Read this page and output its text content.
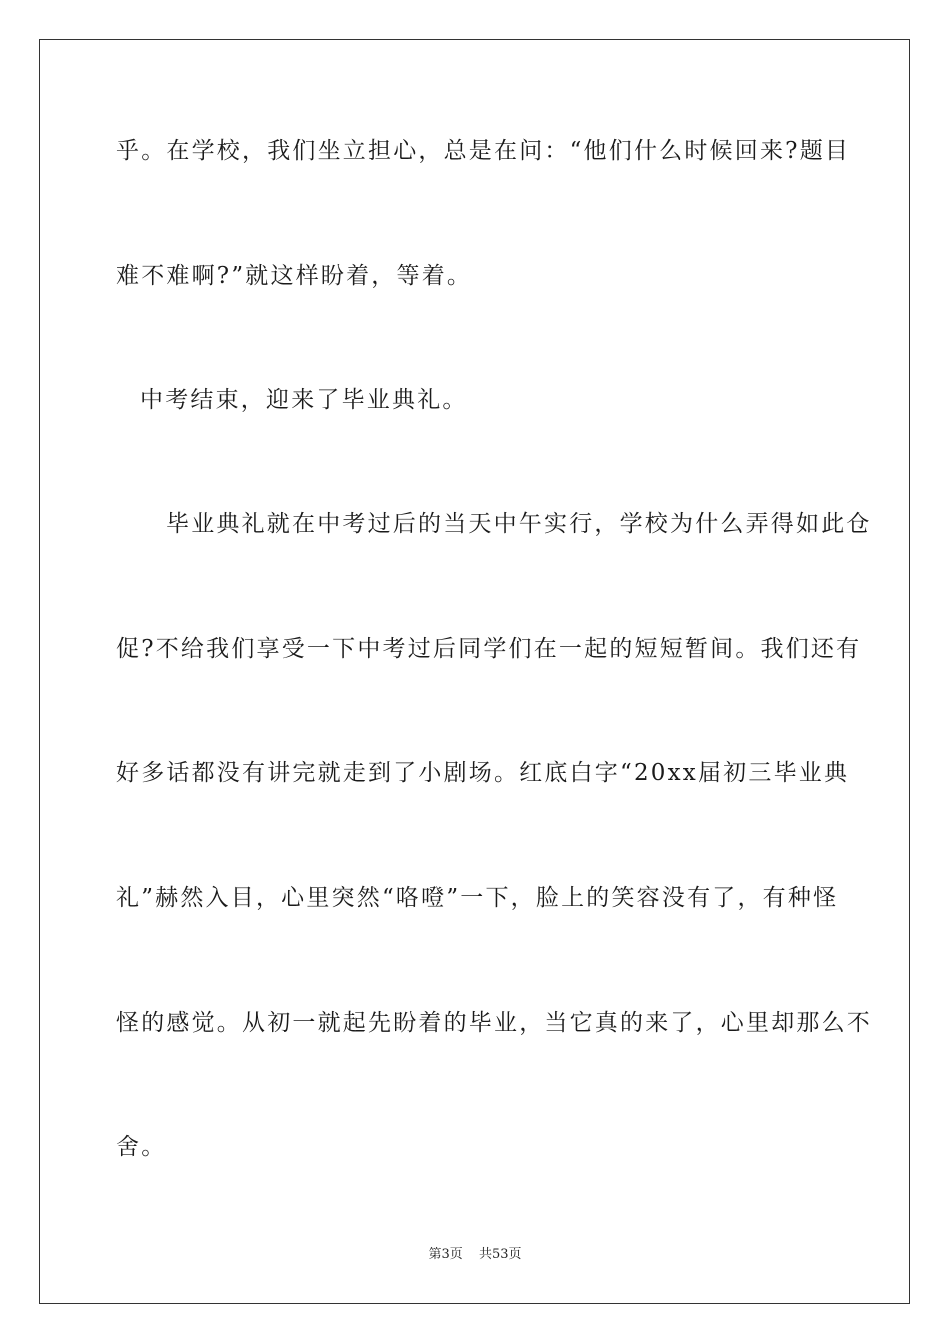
乎。在学校，我们坐立担心，总是在问：“他们什么时候回来?题目
难不难啊?”就这样盼着，等着。
中考结束，迎来了毕业典礼。
毕业典礼就在中考过后的当天中午实行，学校为什么弄得如此仓
促?不给我们享受一下中考过后同学们在一起的短短暂间。我们还有
好多话都没有讲完就走到了小剧场。红底白字“20xx届初三毕业典
礼”赫然入目，心里突然“咯噔”一下，脸上的笑容没有了，有种怪
怪的感觉。从初一就起先盼着的毕业，当它真的来了，心里却那么不
舍。
第3页 共53页
